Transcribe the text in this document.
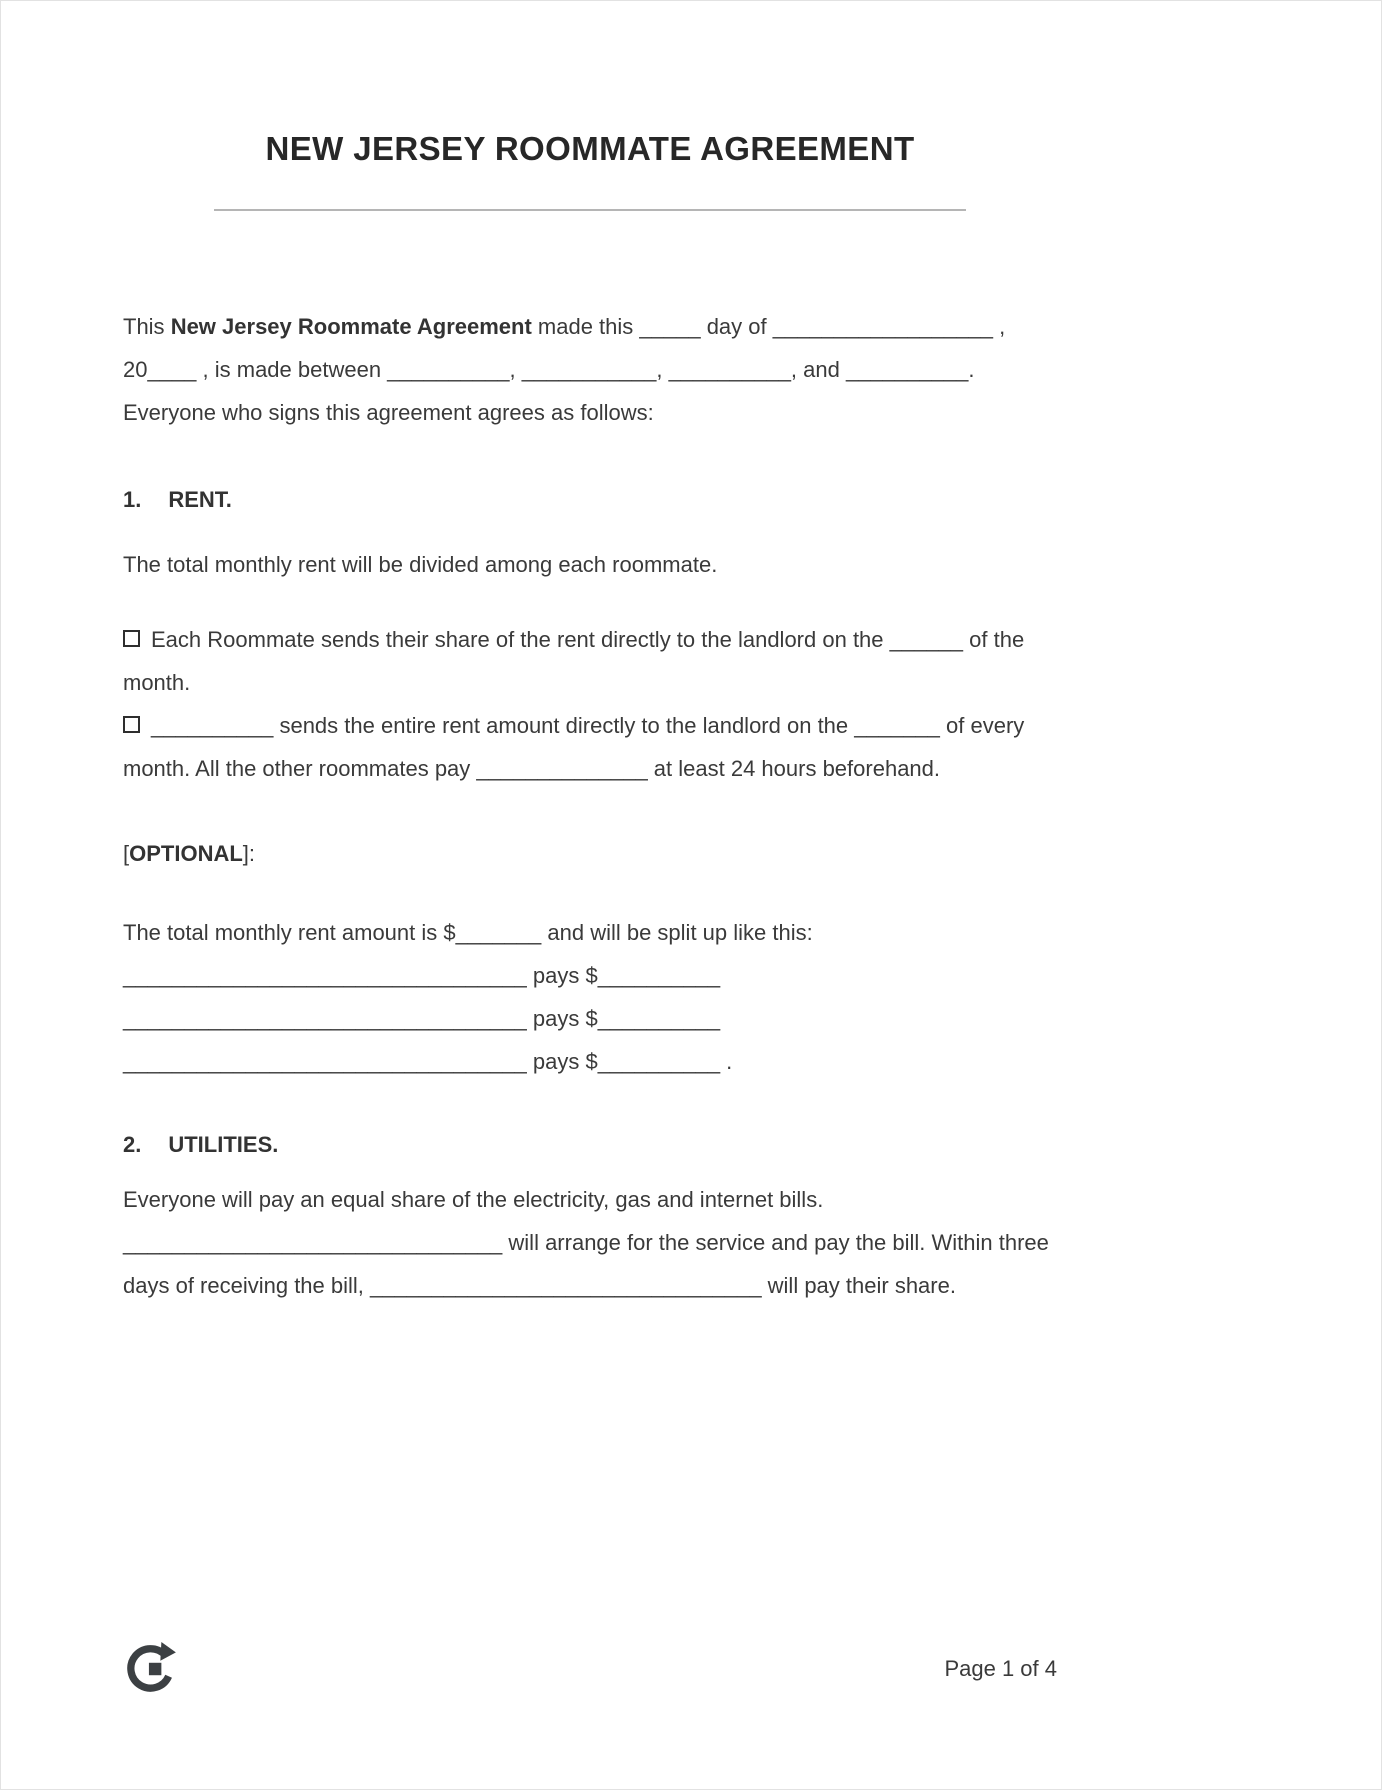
NEW JERSEY ROOMMATE AGREEMENT

This New Jersey Roommate Agreement made this _____ day of __________________ , 20____ , is made between __________, ___________, __________, and __________. Everyone who signs this agreement agrees as follows:

1. RENT.

The total monthly rent will be divided among each roommate.

Each Roommate sends their share of the rent directly to the landlord on the ______ of the month.

__________ sends the entire rent amount directly to the landlord on the _______ of every month. All the other roommates pay ______________ at least 24 hours beforehand.

[OPTIONAL]:

The total monthly rent amount is $_______ and will be split up like this:
_________________________________ pays $__________
_________________________________ pays $__________
_________________________________ pays $__________ .

2. UTILITIES.

Everyone will pay an equal share of the electricity, gas and internet bills.
_______________________________ will arrange for the service and pay the bill. Within three days of receiving the bill, ________________________________ will pay their share.

Page 1 of 4
